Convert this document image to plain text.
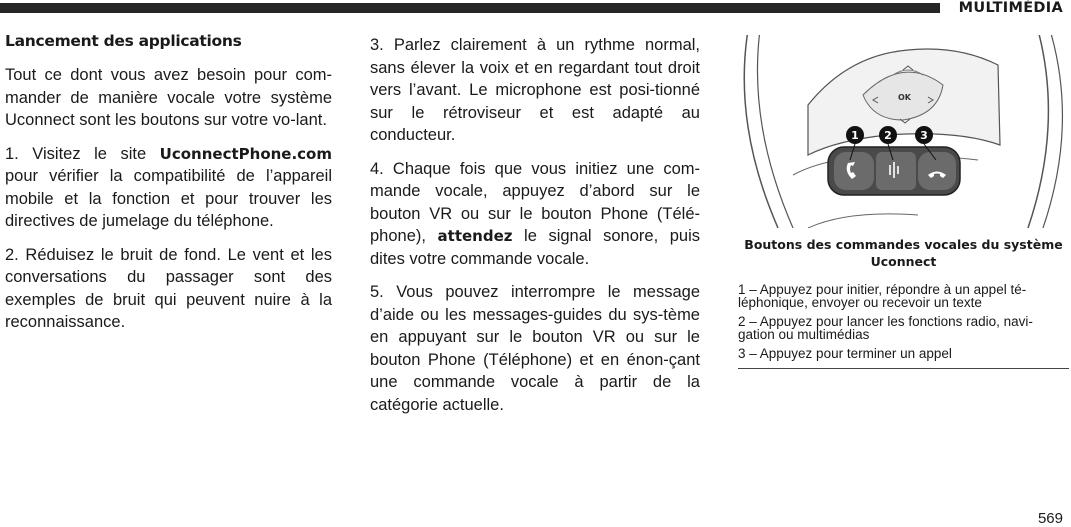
MULTIMÉDIA
Lancement des applications

Tout ce dont vous avez besoin pour com-mander de manière vocale votre système Uconnect sont les boutons sur votre vo-lant.

1. Visitez le site UconnectPhone.com pour vérifier la compatibilité de l’appareil mobile et la fonction et pour trouver les directives de jumelage du téléphone.

2. Réduisez le bruit de fond. Le vent et les conversations du passager sont des exemples de bruit qui peuvent nuire à la reconnaissance.

3. Parlez clairement à un rythme normal, sans élever la voix et en regardant tout droit vers l’avant. Le microphone est posi-tionné sur le rétroviseur et est adapté au conducteur.

4. Chaque fois que vous initiez une com-mande vocale, appuyez d’abord sur le bouton VR ou sur le bouton Phone (Télé-phone), attendez le signal sonore, puis dites votre commande vocale.

5. Vous pouvez interrompre le message d’aide ou les messages-guides du sys-tème en appuyant sur le bouton VR ou sur le bouton Phone (Téléphone) et en énon-çant une commande vocale à partir de la catégorie actuelle.

OK
1 2	3
Boutons des commandes vocales du système Uconnect
1 – Appuyez pour initier, répondre à un appel té-léphonique, envoyer ou recevoir un texte
2 – Appuyez pour lancer les fonctions radio, navi-gation ou multimédias
3 – Appuyez pour terminer un appel
569
